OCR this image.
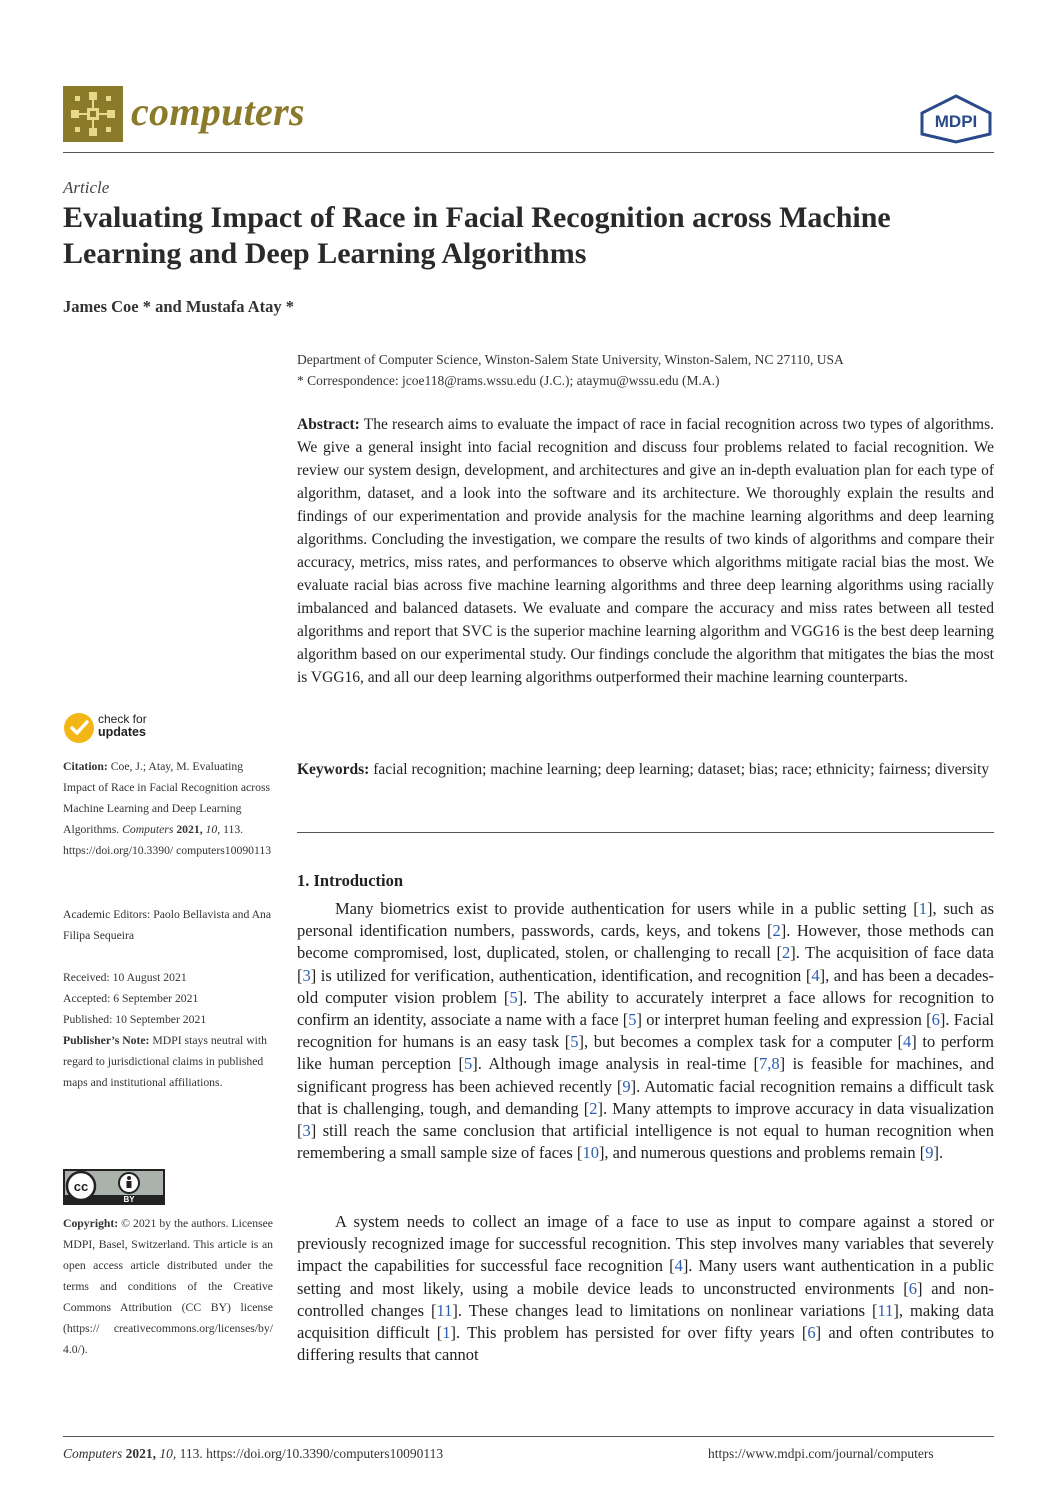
computers	MDPI
Article
Evaluating Impact of Race in Facial Recognition across Machine Learning and Deep Learning Algorithms
James Coe * and Mustafa Atay *
Department of Computer Science, Winston-Salem State University, Winston-Salem, NC 27110, USA
* Correspondence: jcoe118@rams.wssu.edu (J.C.); ataymu@wssu.edu (M.A.)

Abstract: The research aims to evaluate the impact of race in facial recognition across two types of algorithms. We give a general insight into facial recognition and discuss four problems related to facial recognition. We review our system design, development, and architectures and give an in-depth evaluation plan for each type of algorithm, dataset, and a look into the software and its architecture. We thoroughly explain the results and findings of our experimentation and provide analysis for the machine learning algorithms and deep learning algorithms. Concluding the investigation, we compare the results of two kinds of algorithms and compare their accuracy, metrics, miss rates, and performances to observe which algorithms mitigate racial bias the most. We evaluate racial bias across five machine learning algorithms and three deep learning algorithms using racially imbalanced and balanced datasets. We evaluate and compare the accuracy and miss rates between all tested algorithms and report that SVC is the superior machine learning algorithm and VGG16 is the best deep learning algorithm based on our experimental study. Our findings conclude the algorithm that mitigates the bias the most is VGG16, and all our deep learning algorithms outperformed their machine learning counterparts.

Keywords: facial recognition; machine learning; deep learning; dataset; bias; race; ethnicity; fairness; diversity

1. Introduction

Many biometrics exist to provide authentication for users while in a public setting [1], such as personal identification numbers, passwords, cards, keys, and tokens [2]. However, those methods can become compromised, lost, duplicated, stolen, or challenging to recall [2]. The acquisition of face data [3] is utilized for verification, authentication, identification, and recognition [4], and has been a decades-old computer vision problem [5]. The ability to accurately interpret a face allows for recognition to confirm an identity, associate a name with a face [5] or interpret human feeling and expression [6]. Facial recognition for humans is an easy task [5], but becomes a complex task for a computer [4] to perform like human perception [5]. Although image analysis in real-time [7,8] is feasible for machines, and significant progress has been achieved recently [9]. Automatic facial recognition remains a difficult task that is challenging, tough, and demanding [2]. Many attempts to improve accuracy in data visualization [3] still reach the same conclusion that artificial intelligence is not equal to human recognition when remembering a small sample size of faces [10], and numerous questions and problems remain [9].

A system needs to collect an image of a face to use as input to compare against a stored or previously recognized image for successful recognition. This step involves many variables that severely impact the capabilities for successful face recognition [4]. Many users want authentication in a public setting and most likely, using a mobile device leads to unconstructed environments [6] and non-controlled changes [11]. These changes lead to limitations on nonlinear variations [11], making data acquisition difficult [1]. This problem has persisted for over fifty years [6] and often contributes to differing results that cannot

check for
updates
Citation: Coe, J.; Atay, M. Evaluating Impact of Race in Facial Recognition across Machine Learning and Deep Learning Algorithms. Computers 2021, 10, 113. https://doi.org/10.3390/ computers10090113
Academic Editors: Paolo Bellavista and Ana Filipa Sequeira
Received: 10 August 2021
Accepted: 6 September 2021
Published: 10 September 2021
Publisher’s Note: MDPI stays neutral with regard to jurisdictional claims in published maps and institutional affiliations.
cc
BY
Copyright: © 2021 by the authors. Licensee MDPI, Basel, Switzerland. This article is an open access article distributed under the terms and conditions of the Creative Commons Attribution (CC BY) license (https:// creativecommons.org/licenses/by/ 4.0/).
Computers 2021, 10, 113. https://doi.org/10.3390/computers10090113	https://www.mdpi.com/journal/computers
